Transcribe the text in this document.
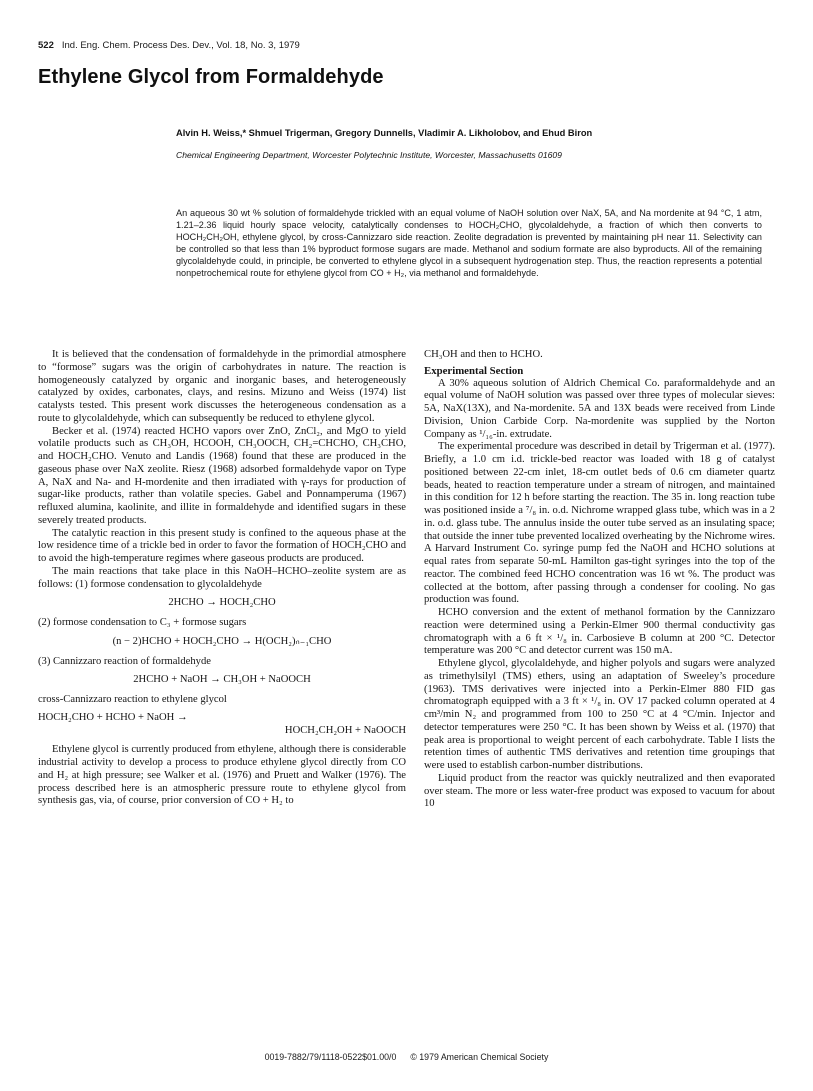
522 Ind. Eng. Chem. Process Des. Dev., Vol. 18, No. 3, 1979
Ethylene Glycol from Formaldehyde
Alvin H. Weiss,* Shmuel Trigerman, Gregory Dunnells, Vladimir A. Likholobov, and Ehud Biron
Chemical Engineering Department, Worcester Polytechnic Institute, Worcester, Massachusetts 01609
An aqueous 30 wt % solution of formaldehyde trickled with an equal volume of NaOH solution over NaX, 5A, and Na mordenite at 94 °C, 1 atm, 1.21–2.36 liquid hourly space velocity, catalytically condenses to HOCH₂CHO, glycolaldehyde, a fraction of which then converts to HOCH₂CH₂OH, ethylene glycol, by cross-Cannizzaro side reaction. Zeolite degradation is prevented by maintaining pH near 11. Selectivity can be controlled so that less than 1% byproduct formose sugars are made. Methanol and sodium formate are also byproducts. All of the remaining glycolaldehyde could, in principle, be converted to ethylene glycol in a subsequent hydrogenation step. Thus, the reaction represents a potential nonpetrochemical route for ethylene glycol from CO + H₂, via methanol and formaldehyde.

It is believed that the condensation of formaldehyde in the primordial atmosphere to “formose” sugars was the origin of carbohydrates in nature. The reaction is homogeneously catalyzed by organic and inorganic bases, and heterogeneously catalyzed by oxides, carbonates, clays, and resins. Mizuno and Weiss (1974) list catalysts tested. This present work discusses the heterogeneous condensation as a route to glycolaldehyde, which can subsequently be reduced to ethylene glycol.

Becker et al. (1974) reacted HCHO vapors over ZnO, ZnCl₂, and MgO to yield volatile products such as CH₃OH, HCOOH, CH₃OOCH, CH₂=CHCHO, CH₃CHO, and HOCH₂CHO. Venuto and Landis (1968) found that these are produced in the gaseous phase over NaX zeolite. Riesz (1968) adsorbed formaldehyde vapor on Type A, NaX and Na- and H-mordenite and then irradiated with γ-rays for production of sugar-like products, rather than volatile species. Gabel and Ponnamperuma (1967) refluxed alumina, kaolinite, and illite in formaldehyde and identified sugars in these severely treated products.

The catalytic reaction in this present study is confined to the aqueous phase at the low residence time of a trickle bed in order to favor the formation of HOCH₂CHO and to avoid the high-temperature regimes where gaseous products are produced.

The main reactions that take place in this NaOH–HCHO–zeolite system are as follows: (1) formose condensation to glycolaldehyde

2HCHO → HOCH₂CHO

(2) formose condensation to C₃ + formose sugars

(n − 2)HCHO + HOCH₂CHO → H(OCH₂)ₙ₋₁CHO

(3) Cannizzaro reaction of formaldehyde

2HCHO + NaOH → CH₃OH + NaOOCH

cross-Cannizzaro reaction to ethylene glycol

HOCH₂CHO + HCHO + NaOH →
HOCH₂CH₂OH + NaOOCH

Ethylene glycol is currently produced from ethylene, although there is considerable industrial activity to develop a process to produce ethylene glycol directly from CO and H₂ at high pressure; see Walker et al. (1976) and Pruett and Walker (1976). The process described here is an atmospheric pressure route to ethylene glycol from synthesis gas, via, of course, prior conversion of CO + H₂ to

CH₃OH and then to HCHO.

Experimental Section

A 30% aqueous solution of Aldrich Chemical Co. paraformaldehyde and an equal volume of NaOH solution was passed over three types of molecular sieves: 5A, NaX(13X), and Na-mordenite. 5A and 13X beads were received from Linde Division, Union Carbide Corp. Na-mordenite was supplied by the Norton Company as ¹/₁₆-in. extrudate.

The experimental procedure was described in detail by Trigerman et al. (1977). Briefly, a 1.0 cm i.d. trickle-bed reactor was loaded with 18 g of catalyst positioned between 22-cm inlet, 18-cm outlet beds of 0.6 cm diameter quartz beads, heated to reaction temperature under a stream of nitrogen, and maintained in this condition for 12 h before starting the reaction. The 35 in. long reaction tube was positioned inside a ⁷/₈ in. o.d. Nichrome wrapped glass tube, which was in a 2 in. o.d. glass tube. The annulus inside the outer tube served as an insulating space; that outside the inner tube prevented localized overheating by the Nichrome wires. A Harvard Instrument Co. syringe pump fed the NaOH and HCHO solutions at equal rates from separate 50-mL Hamilton gas-tight syringes into the top of the reactor. The combined feed HCHO concentration was 16 wt %. The product was collected at the bottom, after passing through a condenser for cooling. No gas production was found.

HCHO conversion and the extent of methanol formation by the Cannizzaro reaction were determined using a Perkin-Elmer 900 thermal conductivity gas chromatograph with a 6 ft × ¹/₈ in. Carbosieve B column at 200 °C. Detector temperature was 200 °C and detector current was 150 mA.

Ethylene glycol, glycolaldehyde, and higher polyols and sugars were analyzed as trimethylsilyl (TMS) ethers, using an adaptation of Sweeley’s procedure (1963). TMS derivatives were injected into a Perkin-Elmer 880 FID gas chromatograph equipped with a 3 ft × ¹/₈ in. OV 17 packed column operated at 4 cm³/min N₂ and programmed from 100 to 250 °C at 4 °C/min. Injector and detector temperatures were 250 °C. It has been shown by Weiss et al. (1970) that peak area is proportional to weight percent of each carbohydrate. Table I lists the retention times of authentic TMS derivatives and retention time groupings that were used to establish carbon-number distributions.

Liquid product from the reactor was quickly neutralized and then evaporated over steam. The more or less water-free product was exposed to vacuum for about 10

0019-7882/79/1118-0522$01.00/0 © 1979 American Chemical Society
